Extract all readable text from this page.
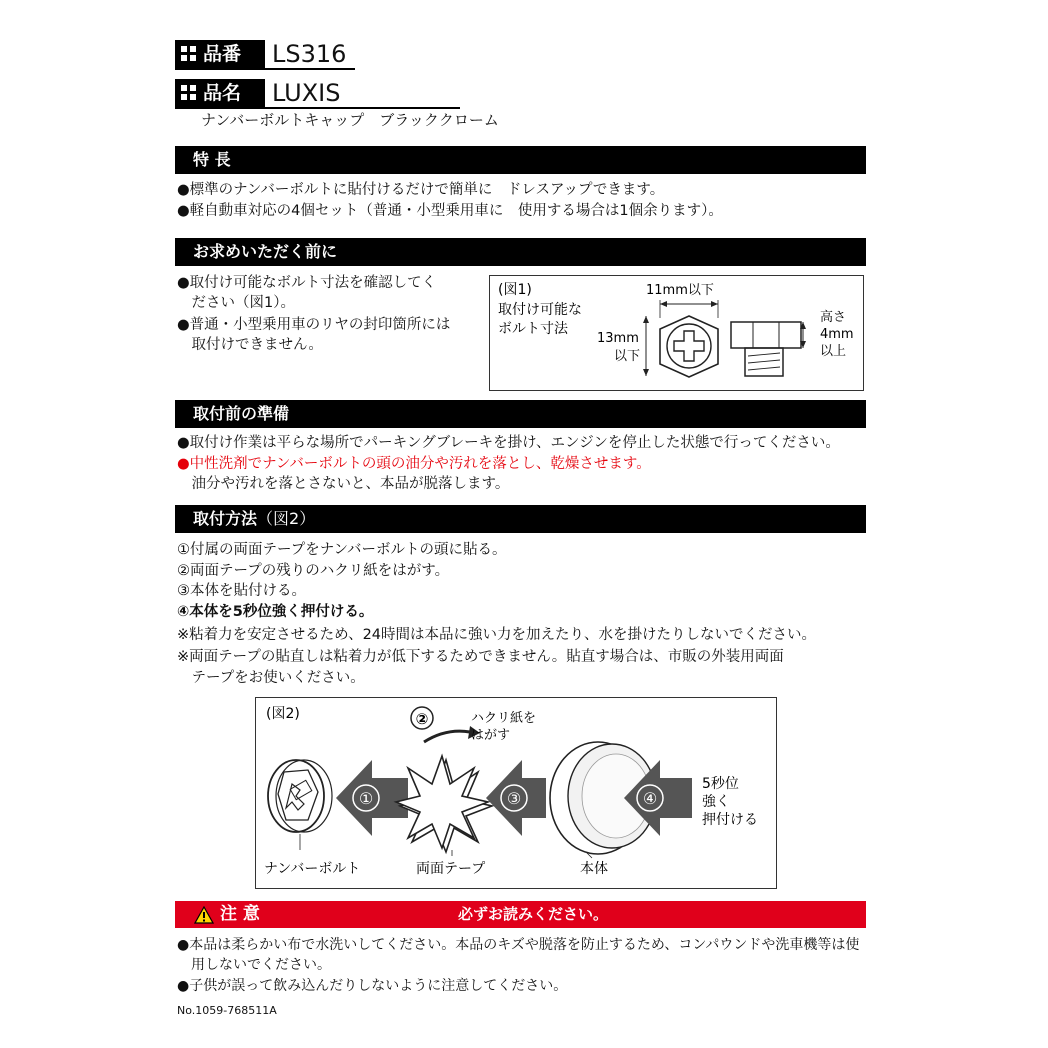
品番	LS316
品名	LUXIS
ナンバーボルトキャップ　ブラッククローム
特 長
●標準のナンバーボルトに貼付けるだけで簡単に　ドレスアップできます。
●軽自動車対応の4個セット（普通・小型乗用車に　使用する場合は1個余ります）。
お求めいただく前に
●取付け可能なボルト寸法を確認してく
　ださい（図1）。
●普通・小型乗用車のリヤの封印箇所には
　取付けできません。
(図1)
取付け可能な
ボルト寸法
11mm以下
13mm
以下
高さ
4mm
以上
取付前の準備
●取付け作業は平らな場所でパーキングブレーキを掛け、エンジンを停止した状態で行ってください。
●中性洗剤でナンバーボルトの頭の油分や汚れを落とし、乾燥させます。
　油分や汚れを落とさないと、本品が脱落します。
取付方法（図2）
①付属の両面テープをナンバーボルトの頭に貼る。
②両面テープの残りのハクリ紙をはがす。
③本体を貼付ける。
④本体を5秒位強く押付ける。
※粘着力を安定させるため、24時間は本品に強い力を加えたり、水を掛けたりしないでください。
※両面テープの貼直しは粘着力が低下するためできません。貼直す場合は、市販の外装用両面
　テープをお使いください。
(図2)
①
②	ハクリ紙を
はがす
③	④
5秒位
強く
押付ける
ナンバーボルト	両面テープ	本体
注 意	必ずお読みください。
●本品は柔らかい布で水洗いしてください。本品のキズや脱落を防止するため、コンパウンドや洗車機等は使
　用しないでください。
●子供が誤って飲み込んだりしないように注意してください。
No.1059-768511A
